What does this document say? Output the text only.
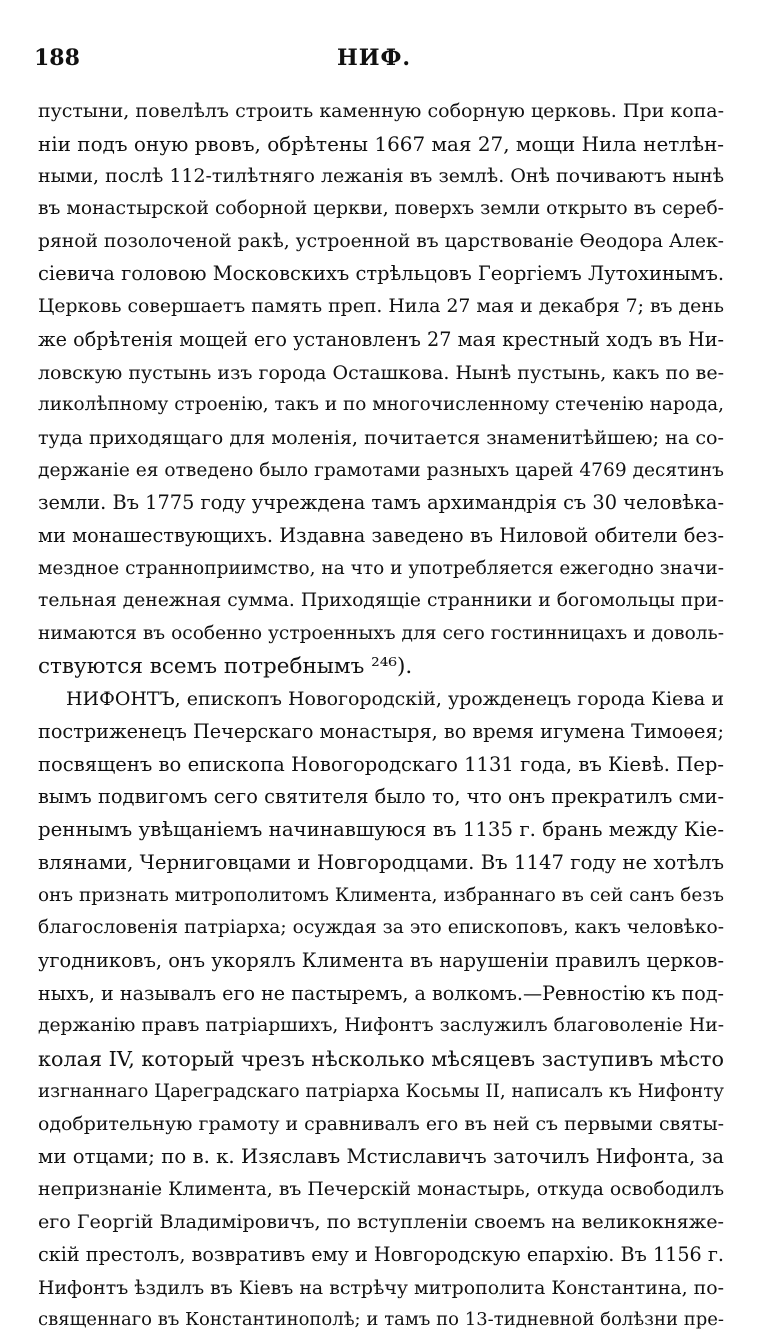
188	НИФ.
пустыни, повелѣлъ строить каменную соборную церковь. При копа-
ніи подъ оную рвовъ, обрѣтены 1667 мая 27, мощи Нила нетлѣн-
ными, послѣ 112-тилѣтняго лежанія въ землѣ. Онѣ почиваютъ нынѣ
въ монастырской соборной церкви, поверхъ земли открыто въ сереб-
ряной позолоченой ракѣ, устроенной въ царствованіе Ѳеодора Алек-
сіевича головою Московскихъ стрѣльцовъ Георгіемъ Лутохинымъ.
Церковь совершаетъ память преп. Нила 27 мая и декабря 7; въ день
же обрѣтенія мощей его установленъ 27 мая крестный ходъ въ Ни-
ловскую пустынь изъ города Осташкова. Нынѣ пустынь, какъ по ве-
ликолѣпному строенію, такъ и по многочисленному стеченію народа,
туда приходящаго для моленія, почитается знаменитѣйшею; на со-
держаніе ея отведено было грамотами разныхъ царей 4769 десятинъ
земли. Въ 1775 году учреждена тамъ архимандрія съ 30 человѣка-
ми монашествующихъ. Издавна заведено въ Ниловой обители без-
мездное странноприимство, на что и употребляется ежегодно значи-
тельная денежная сумма. Приходящіе странники и богомольцы при-
нимаются въ особенно устроенныхъ для сего гостинницахъ и доволь-
ствуются всемъ потребнымъ ²⁴⁶).
НИФОНТЪ, епископъ Новогородскій, урожденецъ города Кіева и
постриженецъ Печерскаго монастыря, во время игумена Тимоѳея;
посвященъ во епископа Новогородскаго 1131 года, въ Кіевѣ. Пер-
вымъ подвигомъ сего святителя было то, что онъ прекратилъ сми-
реннымъ увѣщаніемъ начинавшуюся въ 1135 г. брань между Кіе-
влянами, Черниговцами и Новгородцами. Въ 1147 году не хотѣлъ
онъ признать митрополитомъ Климента, избраннаго въ сей санъ безъ
благословенія патріарха; осуждая за это епископовъ, какъ человѣко-
угодниковъ, онъ укорялъ Климента въ нарушеніи правилъ церков-
ныхъ, и называлъ его не пастыремъ, а волкомъ.—Ревностію къ под-
держанію правъ патріаршихъ, Нифонтъ заслужилъ благоволеніе Ни-
колая IV, который чрезъ нѣсколько мѣсяцевъ заступивъ мѣсто
изгнаннаго Цареградскаго патріарха Косьмы II, написалъ къ Нифонту
одобрительную грамоту и сравнивалъ его въ ней съ первыми святы-
ми отцами; по в. к. Изяславъ Мстиславичъ заточилъ Нифонта, за
непризнаніе Климента, въ Печерскій монастырь, откуда освободилъ
его Георгій Владиміровичъ, по вступленіи своемъ на великокняже-
скій престолъ, возвративъ ему и Новгородскую епархію. Въ 1156 г.
Нифонтъ ѣздилъ въ Кіевъ на встрѣчу митрополита Константина, по-
священнаго въ Константинополѣ; и тамъ по 13-тидневной болѣзни пре-
